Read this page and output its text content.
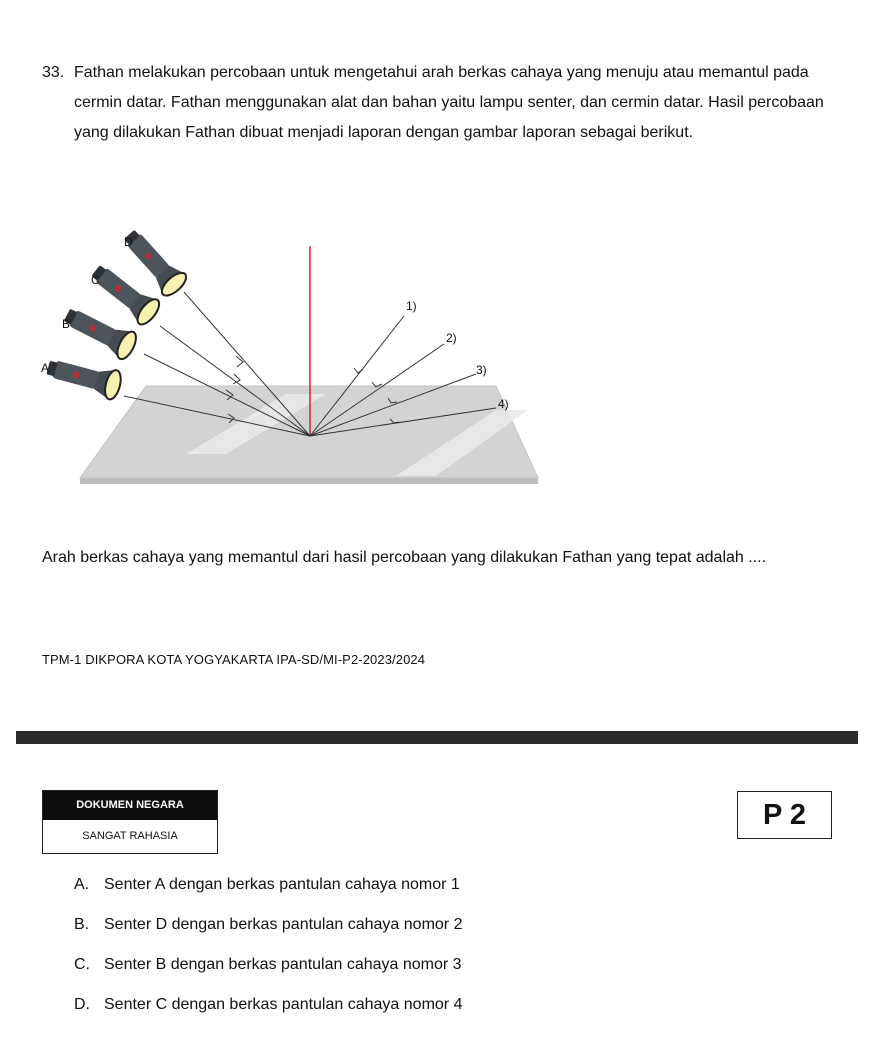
33. Fathan melakukan percobaan untuk mengetahui arah berkas cahaya yang menuju atau memantul pada cermin datar. Fathan menggunakan alat dan bahan yaitu lampu senter, dan cermin datar. Hasil percobaan yang dilakukan Fathan dibuat menjadi laporan dengan gambar laporan sebagai berikut.
A
B
C
D
1)
2)
3)
4)
Arah berkas cahaya yang memantul dari hasil percobaan yang dilakukan Fathan yang tepat adalah ....
TPM-1 DIKPORA KOTA YOGYAKARTA IPA-SD/MI-P2-2023/2024
DOKUMEN NEGARA
SANGAT RAHASIA
P 2
A. Senter A dengan berkas pantulan cahaya nomor 1
B. Senter D dengan berkas pantulan cahaya nomor 2
C. Senter B dengan berkas pantulan cahaya nomor 3
D. Senter C dengan berkas pantulan cahaya nomor 4
